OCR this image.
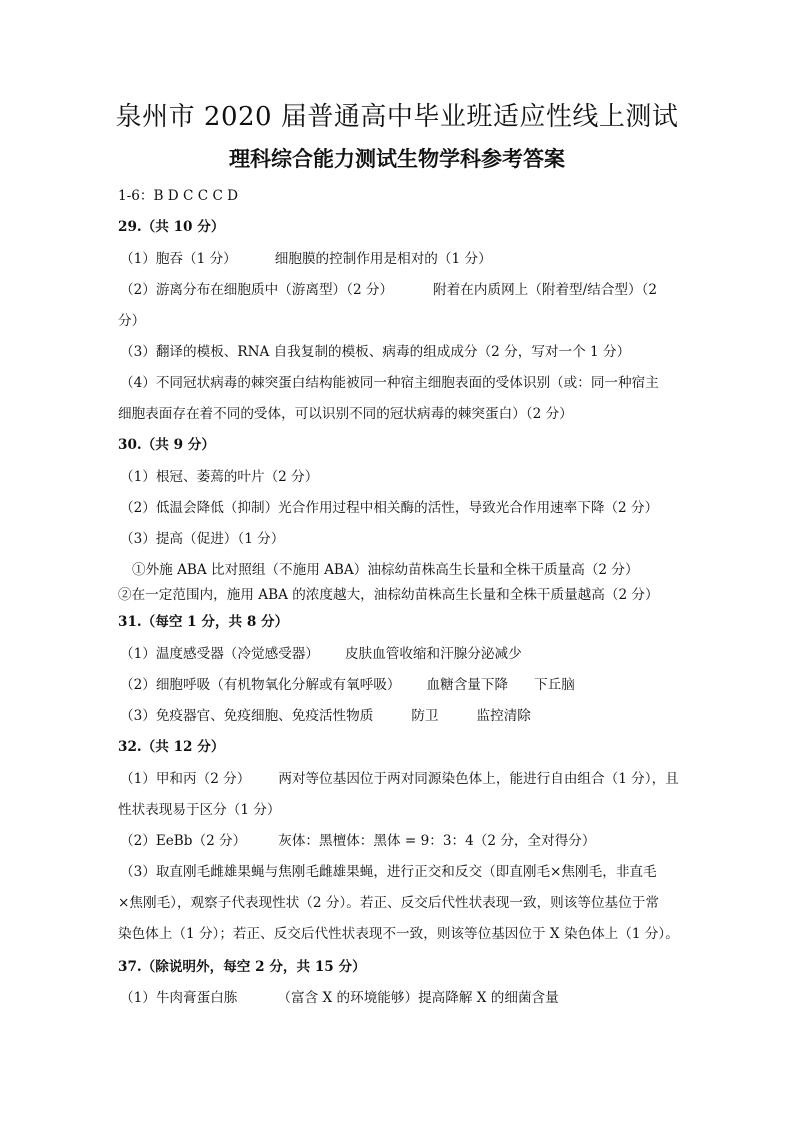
泉州市 2020 届普通高中毕业班适应性线上测试
理科综合能力测试生物学科参考答案
1-6：B D C C C D
29.（共 10 分）
（1）胞吞（1 分）	细胞膜的控制作用是相对的（1 分）
（2）游离分布在细胞质中（游离型）（2 分）	附着在内质网上（附着型/结合型）（2
分）
（3）翻译的模板、RNA 自我复制的模板、病毒的组成成分（2 分，写对一个 1 分）
（4）不同冠状病毒的棘突蛋白结构能被同一种宿主细胞表面的受体识别（或：同一种宿主
细胞表面存在着不同的受体，可以识别不同的冠状病毒的棘突蛋白）（2 分）
30.（共 9 分）
（1）根冠、萎蔫的叶片（2 分）
（2）低温会降低（抑制）光合作用过程中相关酶的活性，导致光合作用速率下降（2 分）
（3）提高（促进）（1 分）
①外施 ABA 比对照组（不施用 ABA）油棕幼苗株高生长量和全株干质量高（2 分）
②在一定范围内，施用 ABA 的浓度越大，油棕幼苗株高生长量和全株干质量越高（2 分）
31.（每空 1 分，共 8 分）
（1）温度感受器（冷觉感受器） 皮肤血管收缩和汗腺分泌减少
（2）细胞呼吸（有机物氧化分解或有氧呼吸） 血糖含量下降 下丘脑
（3）免疫器官、免疫细胞、免疫活性物质	防卫	监控清除
32.（共 12 分）
（1）甲和丙（2 分） 两对等位基因位于两对同源染色体上，能进行自由组合（1 分），且
性状表现易于区分（1 分）
（2）EeBb（2 分） 灰体：黑檀体：黑体 = 9：3：4（2 分，全对得分）
（3）取直刚毛雌雄果蝇与焦刚毛雌雄果蝇，进行正交和反交（即直刚毛×焦刚毛，非直毛
×焦刚毛），观察子代表现性状（2 分）。若正、反交后代性状表现一致，则该等位基位于常
染色体上（1 分）；若正、反交后代性状表现不一致，则该等位基因位于 X 染色体上（1 分）。
37.（除说明外，每空 2 分，共 15 分）
（1）牛肉膏蛋白胨	（富含 X 的环境能够）提高降解 X 的细菌含量
